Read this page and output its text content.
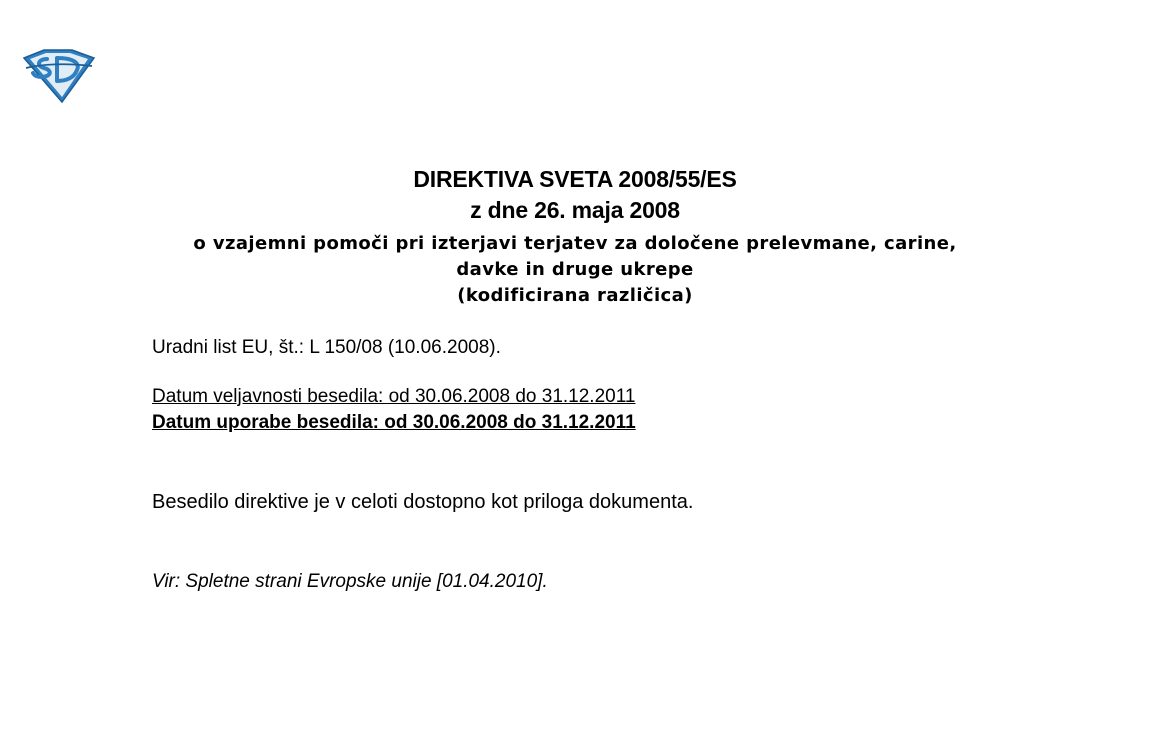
DIREKTIVA SVETA 2008/55/ES
z dne 26. maja 2008
o vzajemni pomoči pri izterjavi terjatev za določene prelevmane, carine,
davke in druge ukrepe
(kodificirana različica)
Uradni list EU, št.: L 150/08 (10.06.2008).
Datum veljavnosti besedila: od 30.06.2008 do 31.12.2011
Datum uporabe besedila: od 30.06.2008 do 31.12.2011
Besedilo direktive je v celoti dostopno kot priloga dokumenta.
Vir: Spletne strani Evropske unije [01.04.2010].
